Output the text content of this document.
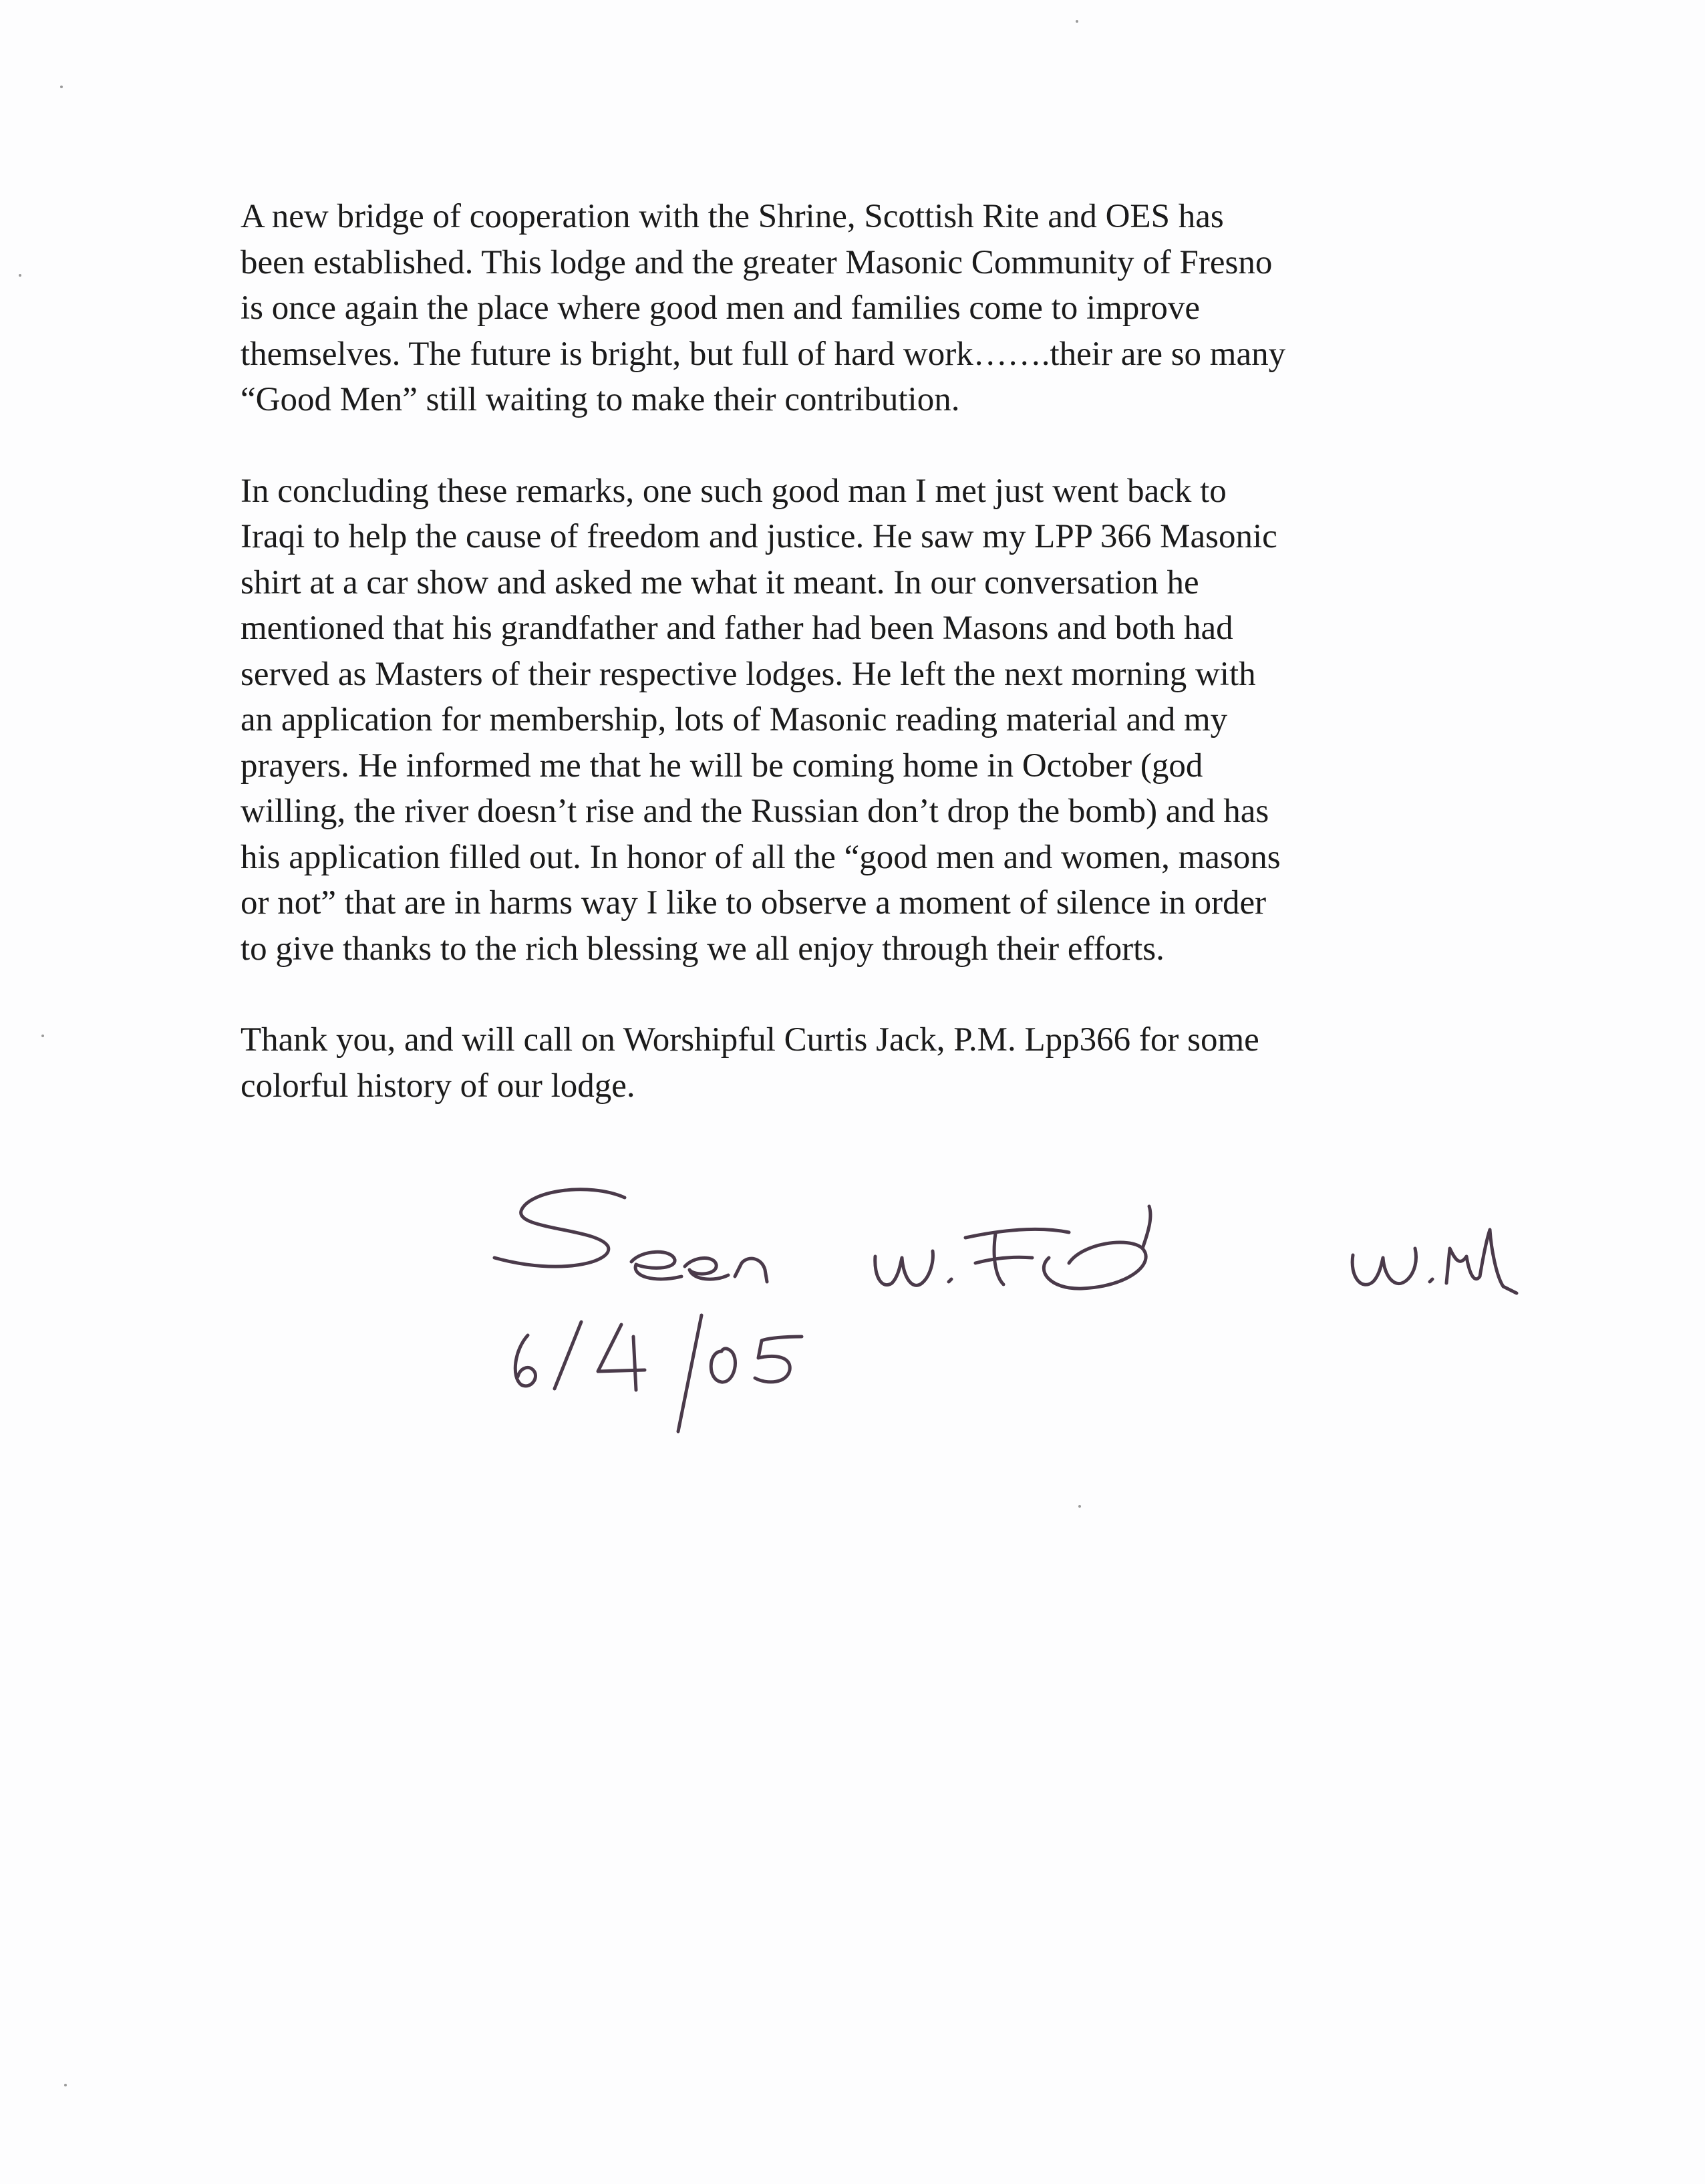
A new bridge of cooperation with the Shrine, Scottish Rite and OES has
been established. This lodge and the greater Masonic Community of Fresno
is once again the place where good men and families come to improve
themselves. The future is bright, but full of hard work…….their are so many
“Good Men” still waiting to make their contribution.

In concluding these remarks, one such good man I met just went back to
Iraqi to help the cause of freedom and justice. He saw my LPP 366 Masonic
shirt at a car show and asked me what it meant. In our conversation he
mentioned that his grandfather and father had been Masons and both had
served as Masters of their respective lodges. He left the next morning with
an application for membership, lots of Masonic reading material and my
prayers. He informed me that he will be coming home in October (god
willing, the river doesn’t rise and the Russian don’t drop the bomb) and has
his application filled out. In honor of all the “good men and women, masons
or not” that are in harms way I like to observe a moment of silence in order
to give thanks to the rich blessing we all enjoy through their efforts.

Thank you, and will call on Worshipful Curtis Jack, P.M. Lpp366 for some
colorful history of our lodge.
